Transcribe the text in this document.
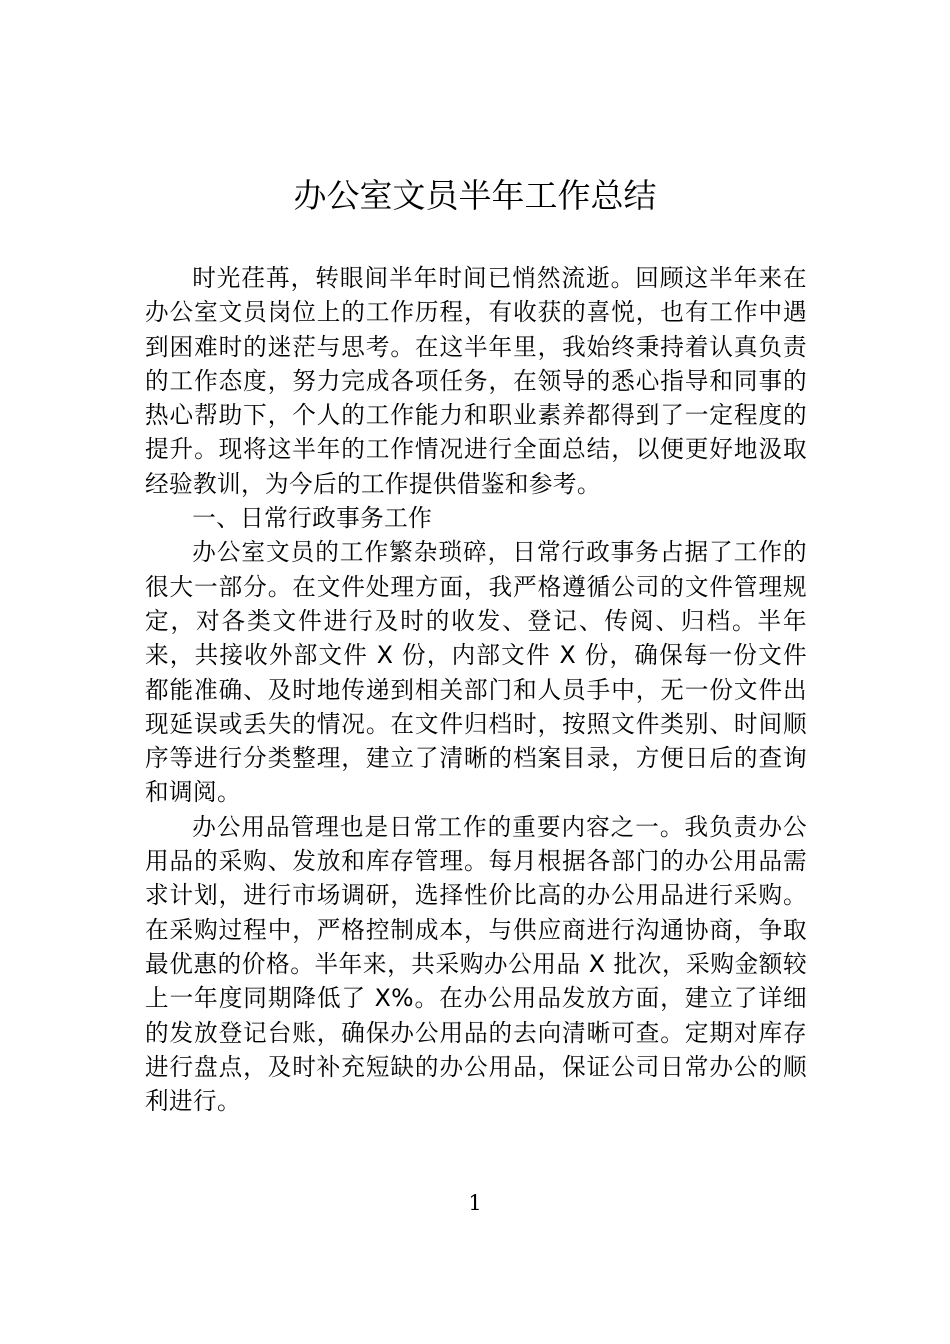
办公室文员半年工作总结

时光荏苒，转眼间半年时间已悄然流逝。回顾这半年来在办公室文员岗位上的工作历程，有收获的喜悦，也有工作中遇到困难时的迷茫与思考。在这半年里，我始终秉持着认真负责的工作态度，努力完成各项任务，在领导的悉心指导和同事的热心帮助下，个人的工作能力和职业素养都得到了一定程度的提升。现将这半年的工作情况进行全面总结，以便更好地汲取经验教训，为今后的工作提供借鉴和参考。

一、日常行政事务工作

办公室文员的工作繁杂琐碎，日常行政事务占据了工作的很大一部分。在文件处理方面，我严格遵循公司的文件管理规定，对各类文件进行及时的收发、登记、传阅、归档。半年来，共接收外部文件 X 份，内部文件 X 份，确保每一份文件都能准确、及时地传递到相关部门和人员手中，无一份文件出现延误或丢失的情况。在文件归档时，按照文件类别、时间顺序等进行分类整理，建立了清晰的档案目录，方便日后的查询和调阅。

办公用品管理也是日常工作的重要内容之一。我负责办公用品的采购、发放和库存管理。每月根据各部门的办公用品需求计划，进行市场调研，选择性价比高的办公用品进行采购。在采购过程中，严格控制成本，与供应商进行沟通协商，争取最优惠的价格。半年来，共采购办公用品 X 批次，采购金额较上一年度同期降低了 X%。在办公用品发放方面，建立了详细的发放登记台账，确保办公用品的去向清晰可查。定期对库存进行盘点，及时补充短缺的办公用品，保证公司日常办公的顺利进行。

1
